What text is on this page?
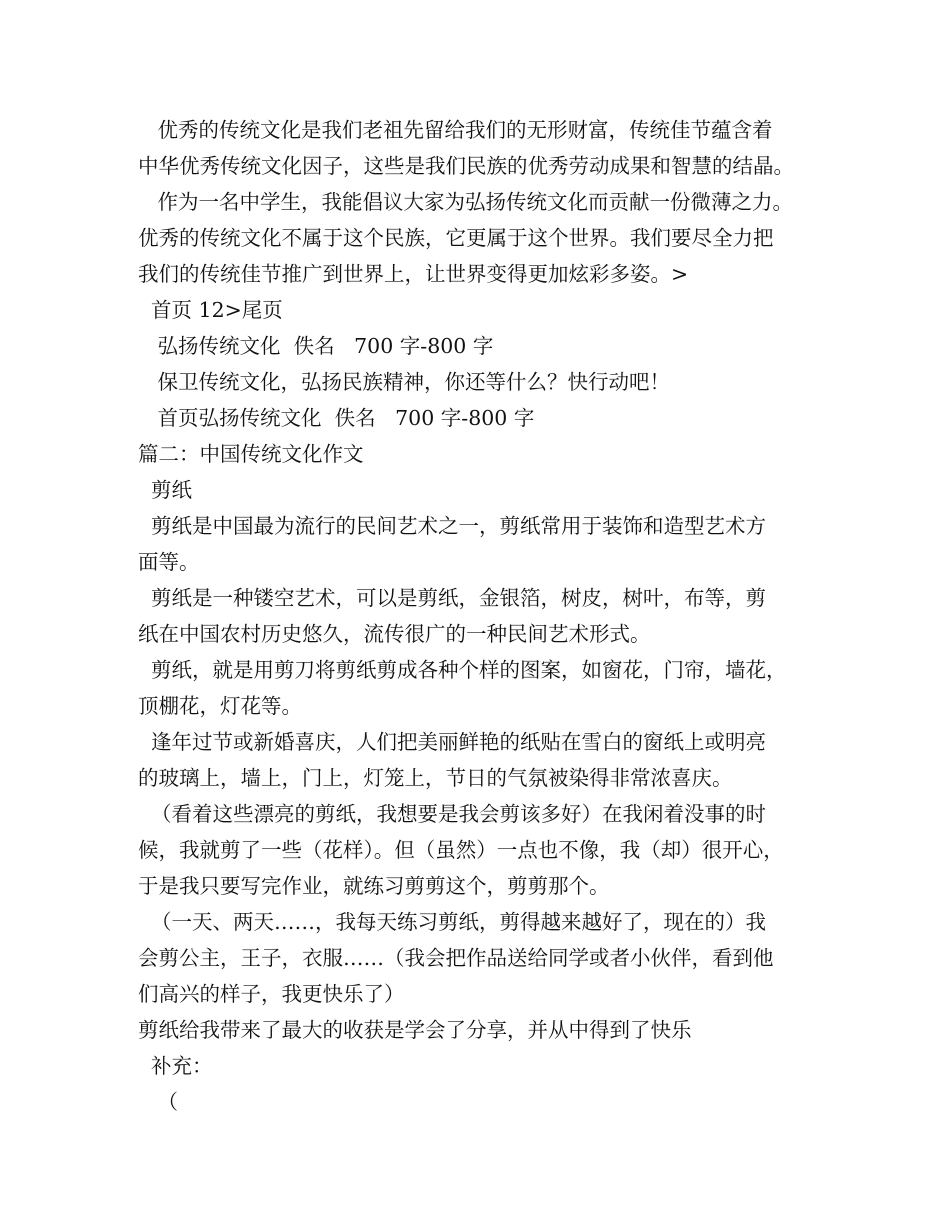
优秀的传统文化是我们老祖先留给我们的无形财富，传统佳节蕴含着
中华优秀传统文化因子，这些是我们民族的优秀劳动成果和智慧的结晶。
作为一名中学生，我能倡议大家为弘扬传统文化而贡献一份微薄之力。
优秀的传统文化不属于这个民族，它更属于这个世界。我们要尽全力把
我们的传统佳节推广到世界上，让世界变得更加炫彩多姿。>
首页 12>尾页
弘扬传统文化  佚名   700 字-800 字
保卫传统文化，弘扬民族精神，你还等什么？快行动吧！
首页弘扬传统文化  佚名   700 字-800 字
篇二：中国传统文化作文
剪纸
剪纸是中国最为流行的民间艺术之一，剪纸常用于装饰和造型艺术方
面等。
剪纸是一种镂空艺术，可以是剪纸，金银箔，树皮，树叶，布等，剪
纸在中国农村历史悠久，流传很广的一种民间艺术形式。
剪纸，就是用剪刀将剪纸剪成各种个样的图案，如窗花，门帘，墙花，
顶棚花，灯花等。
逢年过节或新婚喜庆，人们把美丽鲜艳的纸贴在雪白的窗纸上或明亮
的玻璃上，墙上，门上，灯笼上，节日的气氛被染得非常浓喜庆。
（看着这些漂亮的剪纸，我想要是我会剪该多好）在我闲着没事的时
候，我就剪了一些（花样）。但（虽然）一点也不像，我（却）很开心，
于是我只要写完作业，就练习剪剪这个，剪剪那个。
（一天、两天……，我每天练习剪纸，剪得越来越好了，现在的）我
会剪公主，王子，衣服……（我会把作品送给同学或者小伙伴，看到他
们高兴的样子，我更快乐了）
剪纸给我带来了最大的收获是学会了分享，并从中得到了快乐
补充：
（
